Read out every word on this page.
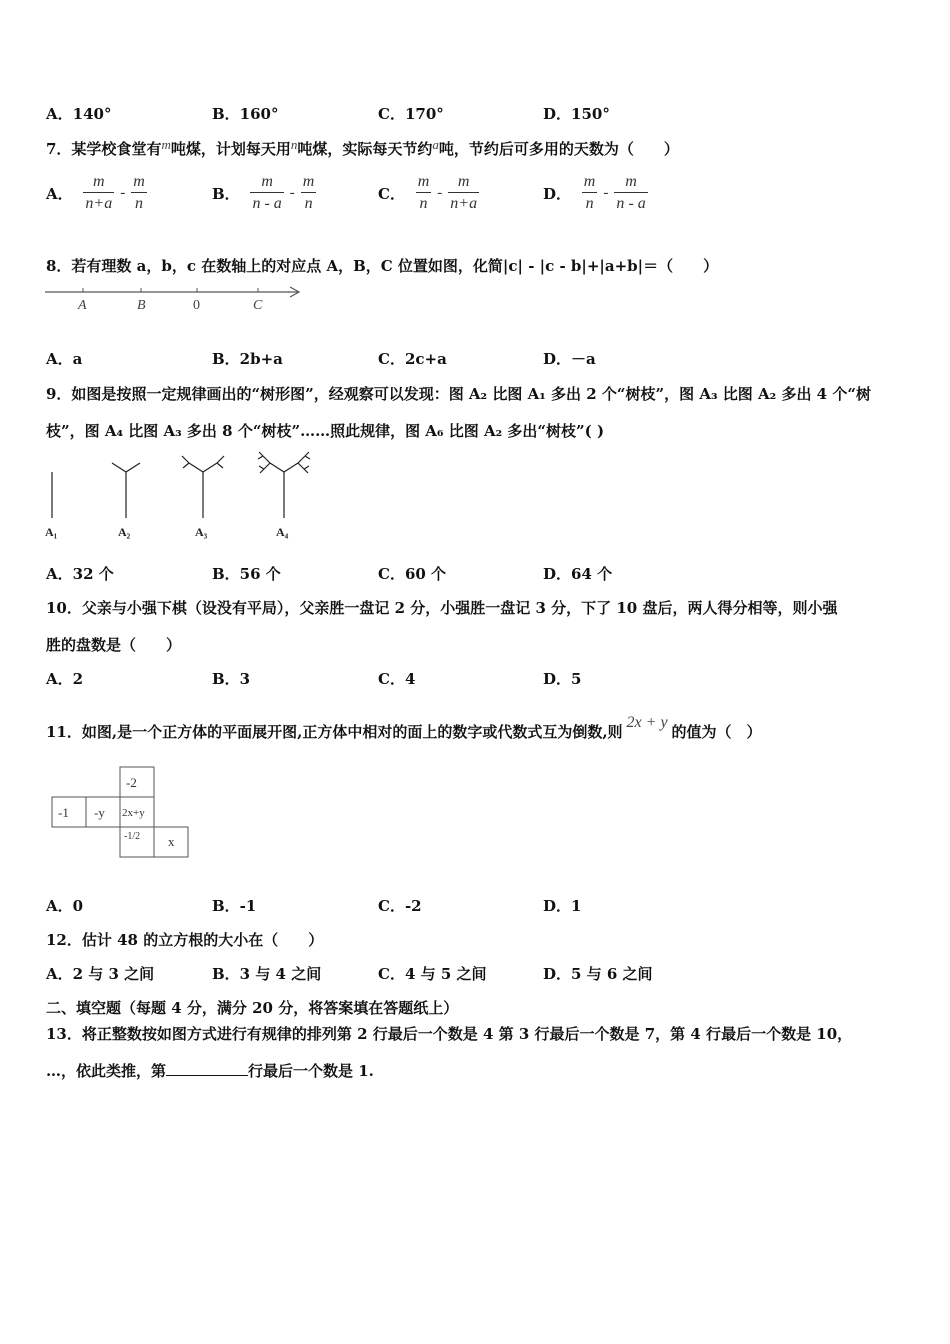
A．140°	B．160°	C．170°	D．150°
7．某学校食堂有m吨煤，计划每天用n吨煤，实际每天节约a吨，节约后可多用的天数为（　　）
A． $\frac{m}{n+a} - \frac{m}{n}$	B． $\frac{m}{n - a} - \frac{m}{n}$	C． $\frac{m}{n} - \frac{m}{n+a}$	D． $\frac{m}{n} - \frac{m}{n - a}$
8．若有理数 a，b，c 在数轴上的对应点 A，B，C 位置如图，化简|c| - |c - b|+|a+b|＝（　　）
A	B	0	C
A．a	B．2b+a	C．2c+a	D．－a
9．如图是按照一定规律画出的“树形图”，经观察可以发现：图 A₂ 比图 A₁ 多出 2 个“树枝”，图 A₃ 比图 A₂ 多出 4 个“树
枝”，图 A₄ 比图 A₃ 多出 8 个“树枝”……照此规律，图 A₆ 比图 A₂ 多出“树枝”( )
A₁	A₂	A₃	A₄
A．32 个	B．56 个	C．60 个	D．64 个
10．父亲与小强下棋（设没有平局），父亲胜一盘记 2 分，小强胜一盘记 3 分，下了 10 盘后，两人得分相等，则小强
胜的盘数是（　　）
A．2	B．3	C．4	D．5
11．如图,是一个正方体的平面展开图,正方体中相对的面上的数字或代数式互为倒数,则2x + y的值为（　）
-2
-1 -y 2x+y
-1/2 x
A．0	B．-1	C．-2	D．1
12．估计 48 的立方根的大小在（　　）
A．2 与 3 之间	B．3 与 4 之间	C．4 与 5 之间	D．5 与 6 之间
二、填空题（每题 4 分，满分 20 分，将答案填在答题纸上）
13．将正整数按如图方式进行有规律的排列第 2 行最后一个数是 4 第 3 行最后一个数是 7，第 4 行最后一个数是 10，
…，依此类推，第	行最后一个数是 1.
